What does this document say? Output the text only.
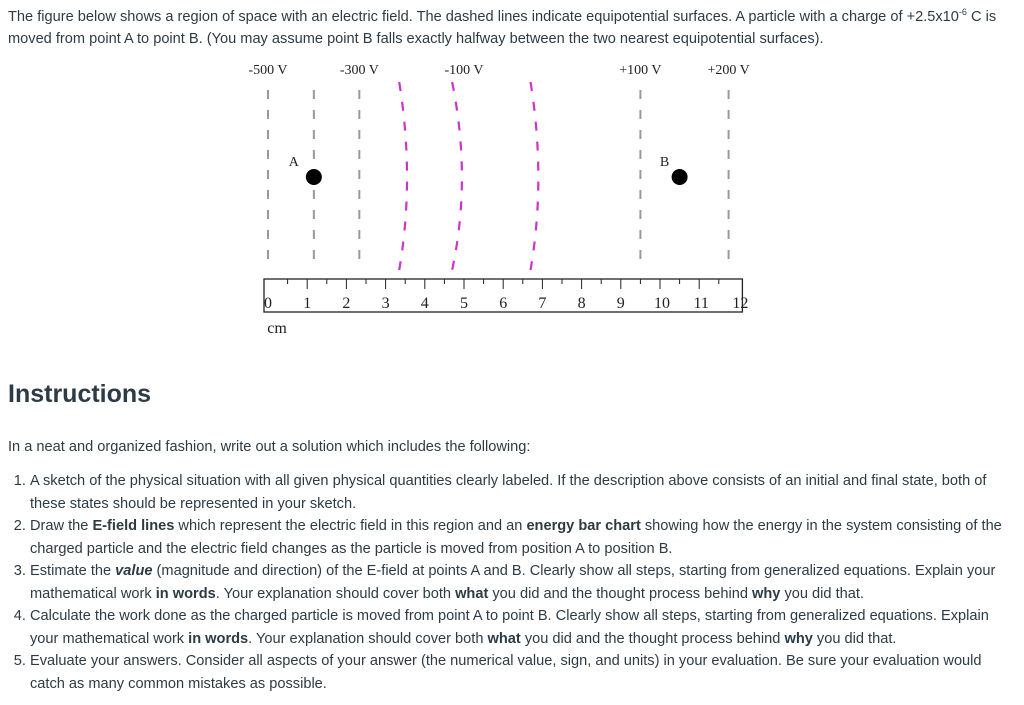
The figure below shows a region of space with an electric field. The dashed lines indicate equipotential surfaces. A particle with a charge of $+2.5x10^{-6}$ C is moved from point A to point B. (You may assume point B falls exactly halfway between the two nearest equipotential surfaces).

-500 V	-300 V	-100 V	+100 V	+200 V
A	B
0 1 2 3 4 5 6 7 8 9 10 11 12
cm
Instructions

In a neat and organized fashion, write out a solution which includes the following:

1. A sketch of the physical situation with all given physical quantities clearly labeled. If the description above consists of an initial and final state, both of these states should be represented in your sketch.
2. Draw the E-field lines which represent the electric field in this region and an energy bar chart showing how the energy in the system consisting of the charged particle and the electric field changes as the particle is moved from position A to position B.
3. Estimate the value (magnitude and direction) of the E-field at points A and B. Clearly show all steps, starting from generalized equations. Explain your mathematical work in words. Your explanation should cover both what you did and the thought process behind why you did that.
4. Calculate the work done as the charged particle is moved from point A to point B. Clearly show all steps, starting from generalized equations. Explain your mathematical work in words. Your explanation should cover both what you did and the thought process behind why you did that.
5. Evaluate your answers. Consider all aspects of your answer (the numerical value, sign, and units) in your evaluation. Be sure your evaluation would catch as many common mistakes as possible.
